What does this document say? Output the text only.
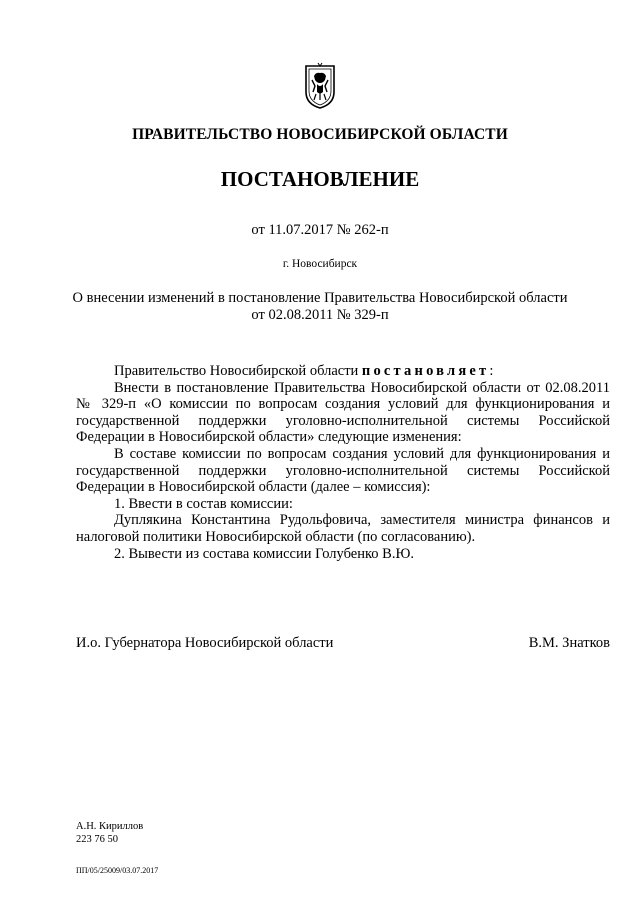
ПРАВИТЕЛЬСТВО НОВОСИБИРСКОЙ ОБЛАСТИ
ПОСТАНОВЛЕНИЕ
от 11.07.2017 № 262-п
г. Новосибирск
О внесении изменений в постановление Правительства Новосибирской области
от 02.08.2011 № 329-п

Правительство Новосибирской области постановляет:

Внести в постановление Правительства Новосибирской области от 02.08.2011 № 329-п «О комиссии по вопросам создания условий для функционирования и государственной поддержки уголовно-исполнительной системы Российской Федерации в Новосибирской области» следующие изменения:

В составе комиссии по вопросам создания условий для функционирования и государственной поддержки уголовно-исполнительной системы Российской Федерации в Новосибирской области (далее – комиссия):

1. Ввести в состав комиссии:

Дуплякина Константина Рудольфовича, заместителя министра финансов и налоговой политики Новосибирской области (по согласованию).

2. Вывести из состава комиссии Голубенко В.Ю.

И.о. Губернатора Новосибирской области	В.М. Знатков
А.Н. Кириллов
223 76 50
ПП/05/25009/03.07.2017
